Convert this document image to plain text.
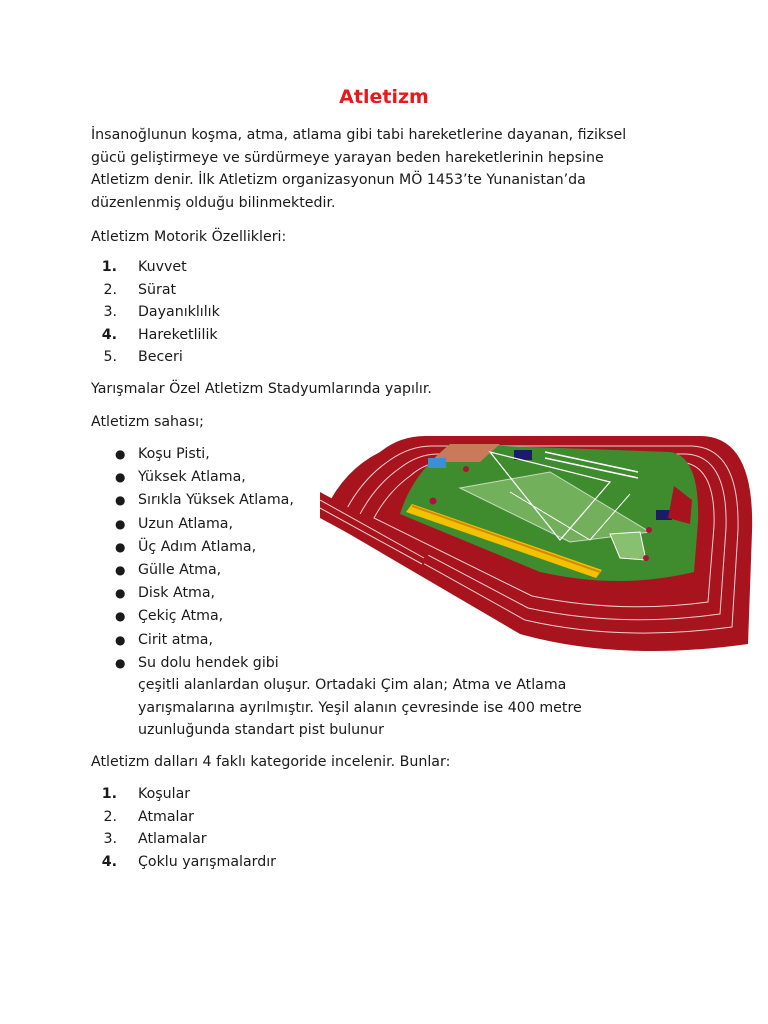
Atletizm
İnsanoğlunun koşma, atma, atlama gibi tabi hareketlerine dayanan, fiziksel
gücü geliştirmeye ve sürdürmeye yarayan beden hareketlerinin hepsine
Atletizm denir. İlk Atletizm organizasyonun MÖ 1453’te Yunanistan’da
düzenlenmiş olduğu bilinmektedir.
Atletizm Motorik Özellikleri:
1.	Kuvvet
2.	Sürat
3.	Dayanıklılık
4.	Hareketlilik
5.	Beceri
Yarışmalar Özel Atletizm Stadyumlarında yapılır.
Atletizm sahası;
● Koşu Pisti,
● Yüksek Atlama,
● Sırıkla Yüksek Atlama,
● Uzun Atlama,
● Üç Adım Atlama,
● Gülle Atma,
● Disk Atma,
● Çekiç Atma,
● Cirit atma,
● Su dolu hendek gibi
çeşitli alanlardan oluşur. Ortadaki Çim alan; Atma ve Atlama
yarışmalarına ayrılmıştır. Yeşil alanın çevresinde ise 400 metre
uzunluğunda standart pist bulunur
Atletizm dalları 4 faklı kategoride incelenir. Bunlar:
1.	Koşular
2.	Atmalar
3.	Atlamalar
4.	Çoklu yarışmalardır
